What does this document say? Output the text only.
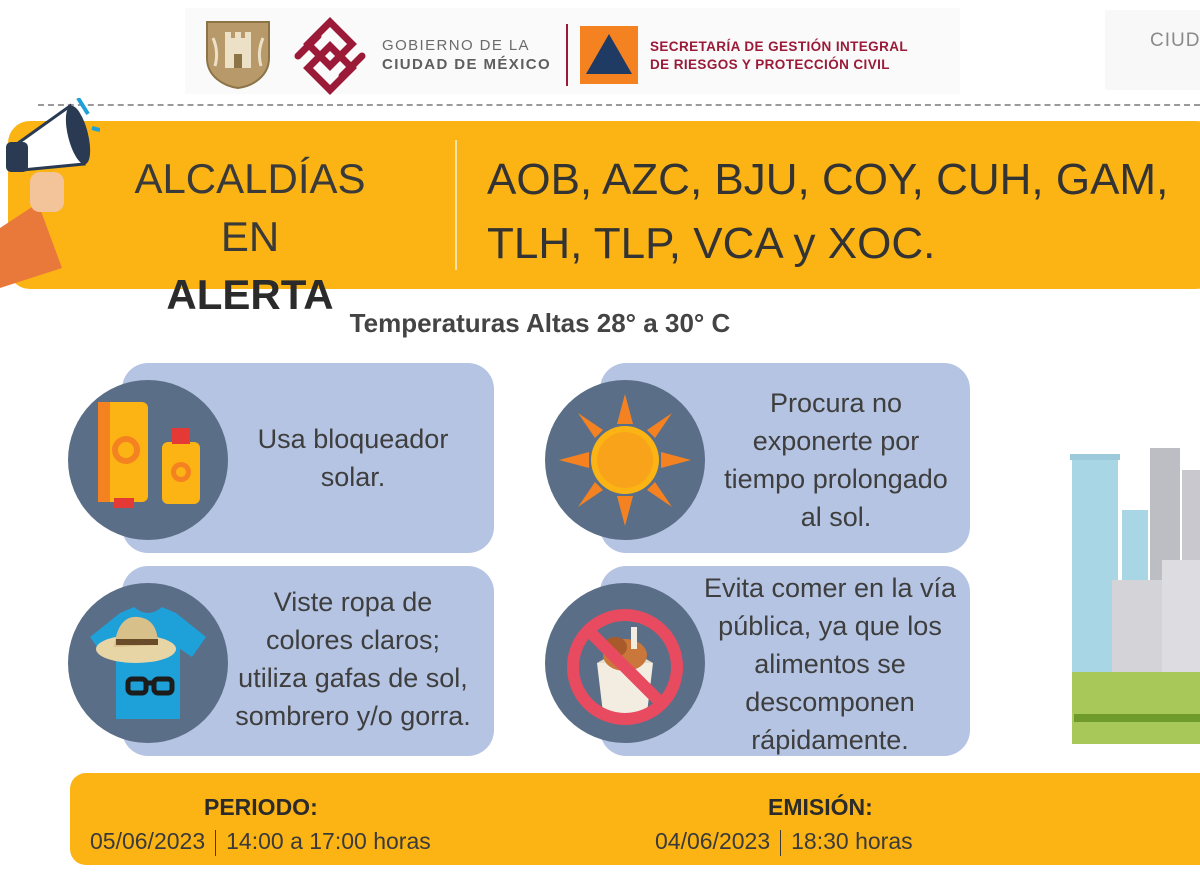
GOBIERNO DE LA
CIUDAD DE MÉXICO
SECRETARÍA DE GESTIÓN INTEGRAL
DE RIESGOS Y PROTECCIÓN CIVIL
CIUD
ALCALDÍAS EN
ALERTA
AOB, AZC, BJU, COY, CUH, GAM,
TLH, TLP, VCA y XOC.
Temperaturas Altas 28° a 30° C
Usa bloqueador
solar.
Procura no
exponerte por
tiempo prolongado
al sol.
Viste ropa de
colores claros;
utiliza gafas de sol,
sombrero y/o gorra.
Evita comer en la vía
pública, ya que los
alimentos se
descomponen
rápidamente.
PERIODO:
05/06/2023 14:00 a 17:00 horas
EMISIÓN:
04/06/2023 18:30 horas
